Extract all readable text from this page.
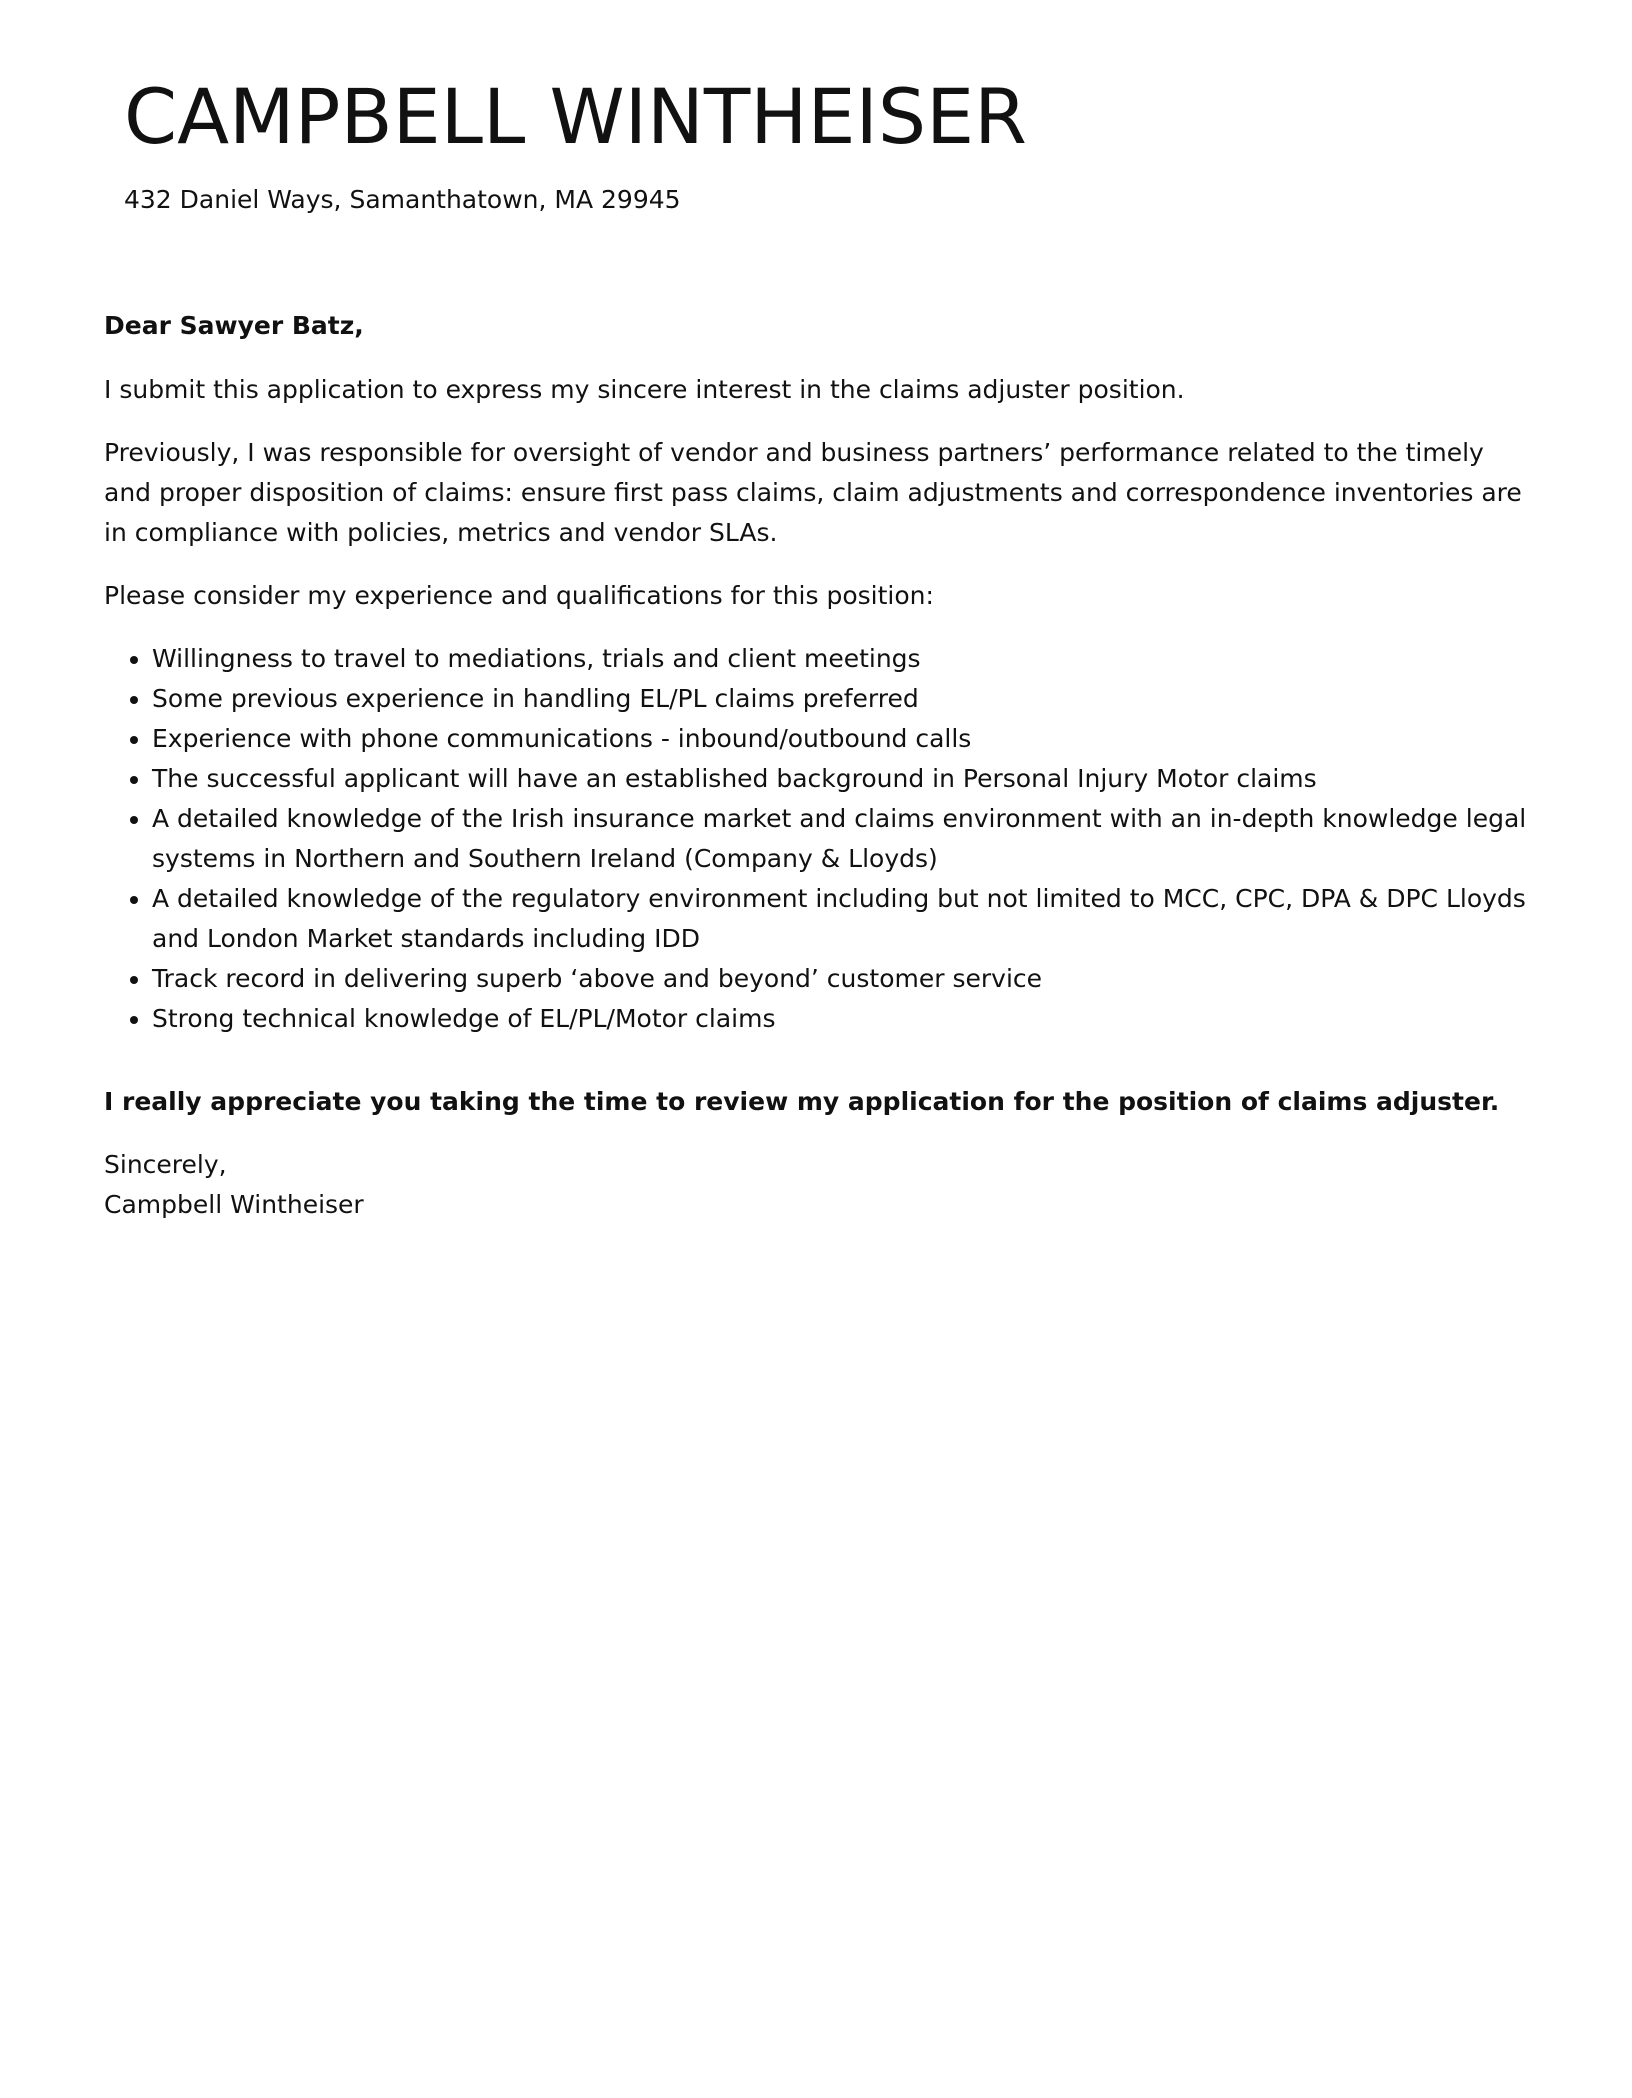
CAMPBELL WINTHEISER

432 Daniel Ways, Samanthatown, MA 29945

Dear Sawyer Batz,

I submit this application to express my sincere interest in the claims adjuster position.

Previously, I was responsible for oversight of vendor and business partners’ performance related to the timely and proper disposition of claims: ensure first pass claims, claim adjustments and correspondence inventories are in compliance with policies, metrics and vendor SLAs.

Please consider my experience and qualifications for this position:

• Willingness to travel to mediations, trials and client meetings
• Some previous experience in handling EL/PL claims preferred
• Experience with phone communications - inbound/outbound calls
• The successful applicant will have an established background in Personal Injury Motor claims
• A detailed knowledge of the Irish insurance market and claims environment with an in-depth knowledge legal systems in Northern and Southern Ireland (Company & Lloyds)
• A detailed knowledge of the regulatory environment including but not limited to MCC, CPC, DPA & DPC Lloyds and London Market standards including IDD
• Track record in delivering superb ‘above and beyond’ customer service
• Strong technical knowledge of EL/PL/Motor claims

I really appreciate you taking the time to review my application for the position of claims adjuster.

Sincerely,

Campbell Wintheiser
